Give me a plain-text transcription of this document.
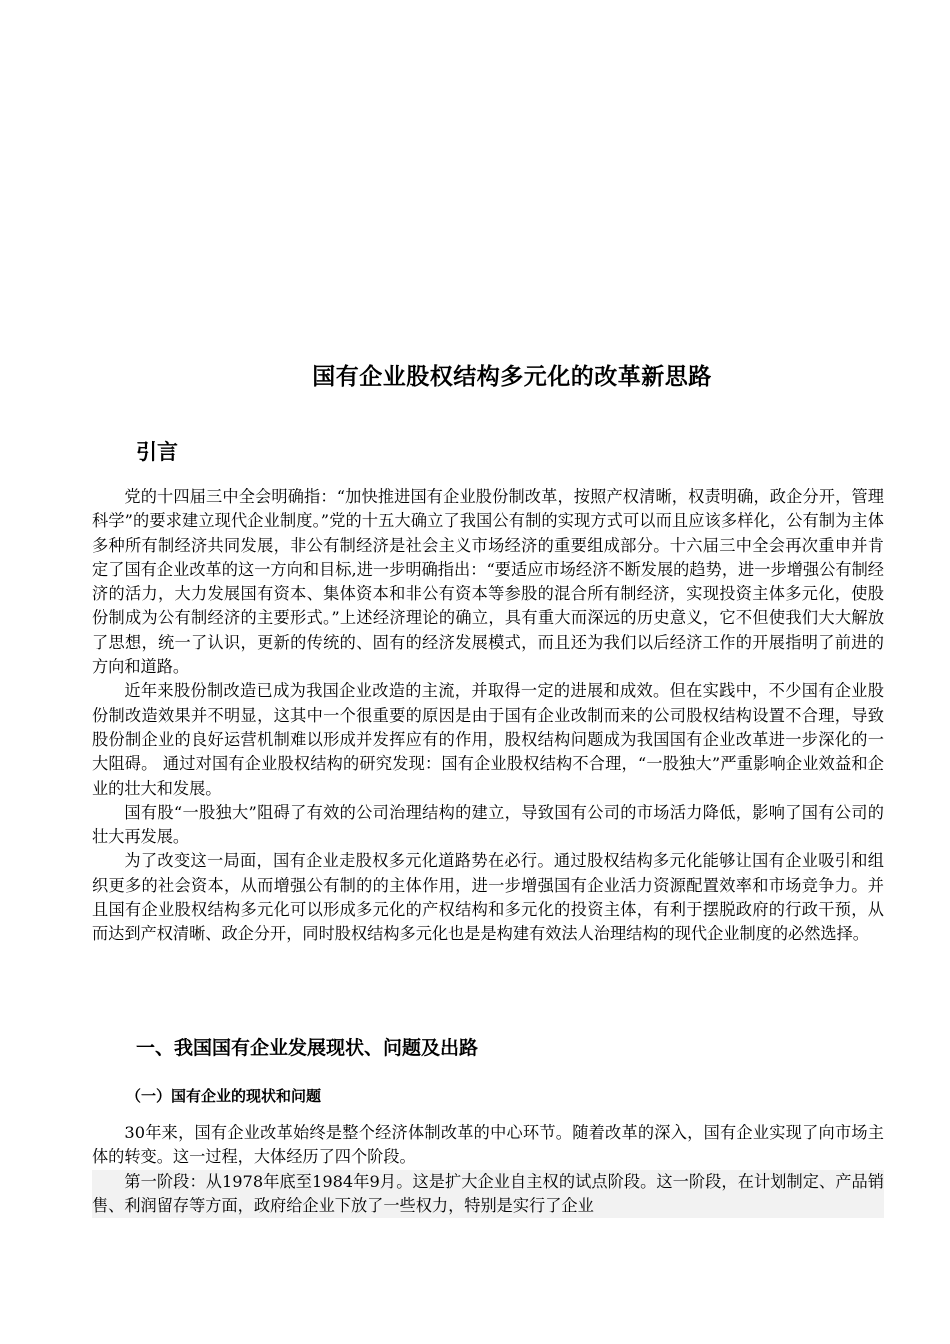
国有企业股权结构多元化的改革新思路
引言

党的十四届三中全会明确指：“加快推进国有企业股份制改革，按照产权清晰，权责明确，政企分开，管理科学”的要求建立现代企业制度。”党的十五大确立了我国公有制的实现方式可以而且应该多样化，公有制为主体多种所有制经济共同发展，非公有制经济是社会主义市场经济的重要组成部分。十六届三中全会再次重申并肯定了国有企业改革的这一方向和目标,进一步明确指出：“要适应市场经济不断发展的趋势，进一步增强公有制经济的活力，大力发展国有资本、集体资本和非公有资本等参股的混合所有制经济，实现投资主体多元化，使股份制成为公有制经济的主要形式。”上述经济理论的确立，具有重大而深远的历史意义，它不但使我们大大解放了思想，统一了认识，更新的传统的、固有的经济发展模式，而且还为我们以后经济工作的开展指明了前进的方向和道路。

近年来股份制改造已成为我国企业改造的主流，并取得一定的进展和成效。但在实践中，不少国有企业股份制改造效果并不明显，这其中一个很重要的原因是由于国有企业改制而来的公司股权结构设置不合理，导致股份制企业的良好运营机制难以形成并发挥应有的作用，股权结构问题成为我国国有企业改革进一步深化的一大阻碍。 通过对国有企业股权结构的研究发现：国有企业股权结构不合理，“一股独大”严重影响企业效益和企业的壮大和发展。

国有股“一股独大”阻碍了有效的公司治理结构的建立，导致国有公司的市场活力降低，影响了国有公司的壮大再发展。

为了改变这一局面，国有企业走股权多元化道路势在必行。通过股权结构多元化能够让国有企业吸引和组织更多的社会资本，从而增强公有制的的主体作用，进一步增强国有企业活力资源配置效率和市场竞争力。并且国有企业股权结构多元化可以形成多元化的产权结构和多元化的投资主体，有利于摆脱政府的行政干预，从而达到产权清晰、政企分开，同时股权结构多元化也是是构建有效法人治理结构的现代企业制度的必然选择。

一、我国国有企业发展现状、问题及出路
（一）国有企业的现状和问题

30年来，国有企业改革始终是整个经济体制改革的中心环节。随着改革的深入，国有企业实现了向市场主体的转变。这一过程，大体经历了四个阶段。

第一阶段：从1978年底至1984年9月。这是扩大企业自主权的试点阶段。这一阶段，在计划制定、产品销售、利润留存等方面，政府给企业下放了一些权力，特别是实行了企业
